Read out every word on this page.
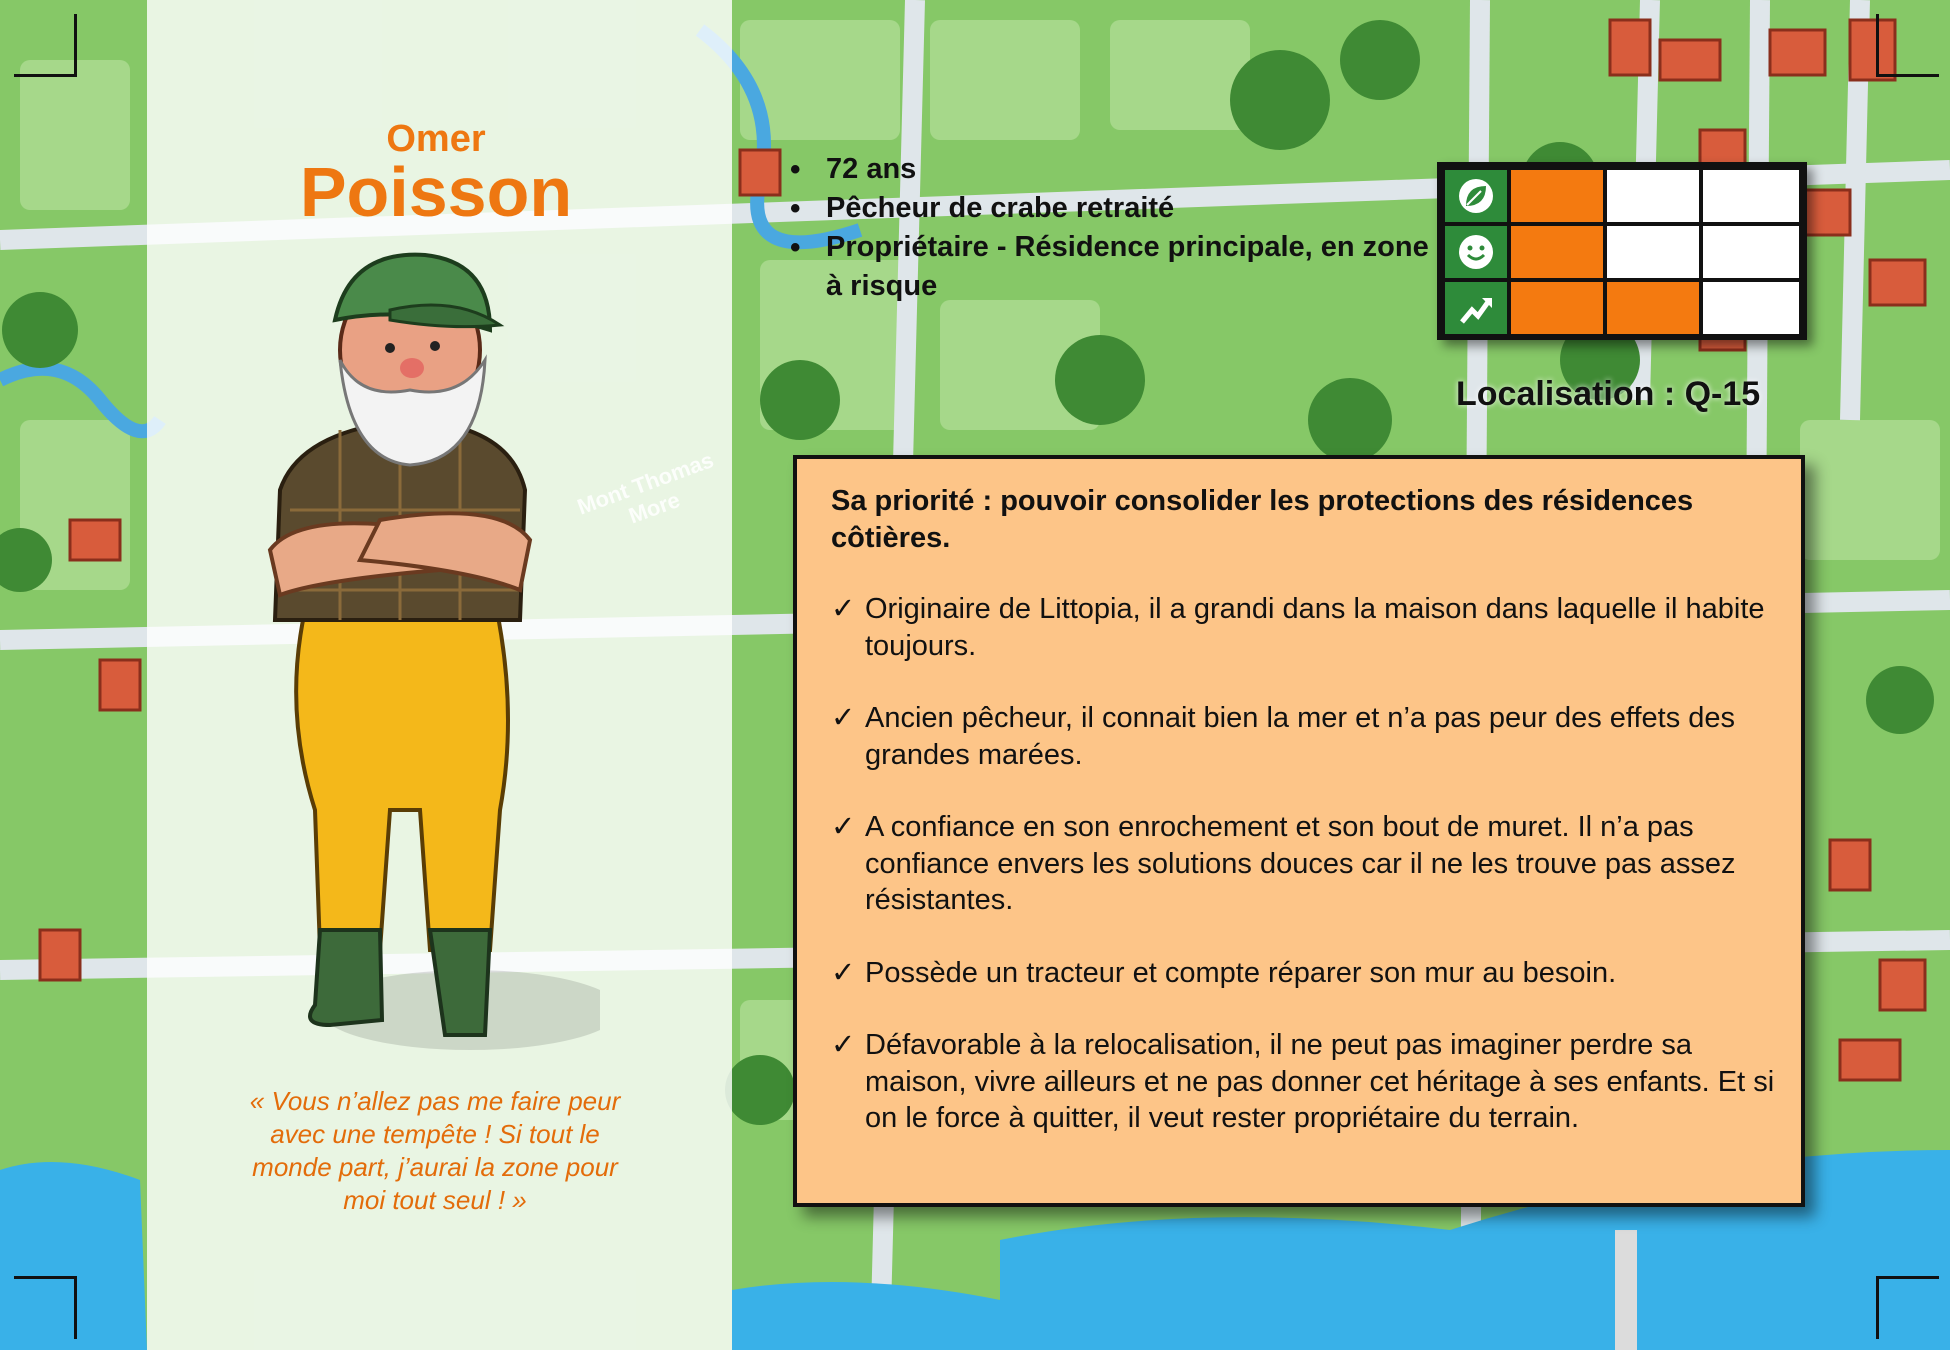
Omer
Poisson
Mont Thomas More
« Vous n’allez pas me faire peur avec une tempête ! Si tout le monde part, j’aurai la zone pour moi tout seul ! »
• 72 ans
• Pêcheur de crabe retraité
• Propriétaire - Résidence principale, en zone à risque
Localisation : Q-15
Sa priorité : pouvoir consolider les protections des résidences côtières.
✓ Originaire de Littopia, il a grandi dans la maison dans laquelle il habite toujours.
✓ Ancien pêcheur, il connait bien la mer et n’a pas peur des effets des grandes marées.
✓ A confiance en son enrochement et son bout de muret. Il n’a pas confiance envers les solutions douces car il ne les trouve pas assez résistantes.
✓ Possède un tracteur et compte réparer son mur au besoin.
✓ Défavorable à la relocalisation, il ne peut pas imaginer perdre sa maison, vivre ailleurs et ne pas donner cet héritage à ses enfants. Et si on le force à quitter, il veut rester propriétaire du terrain.
